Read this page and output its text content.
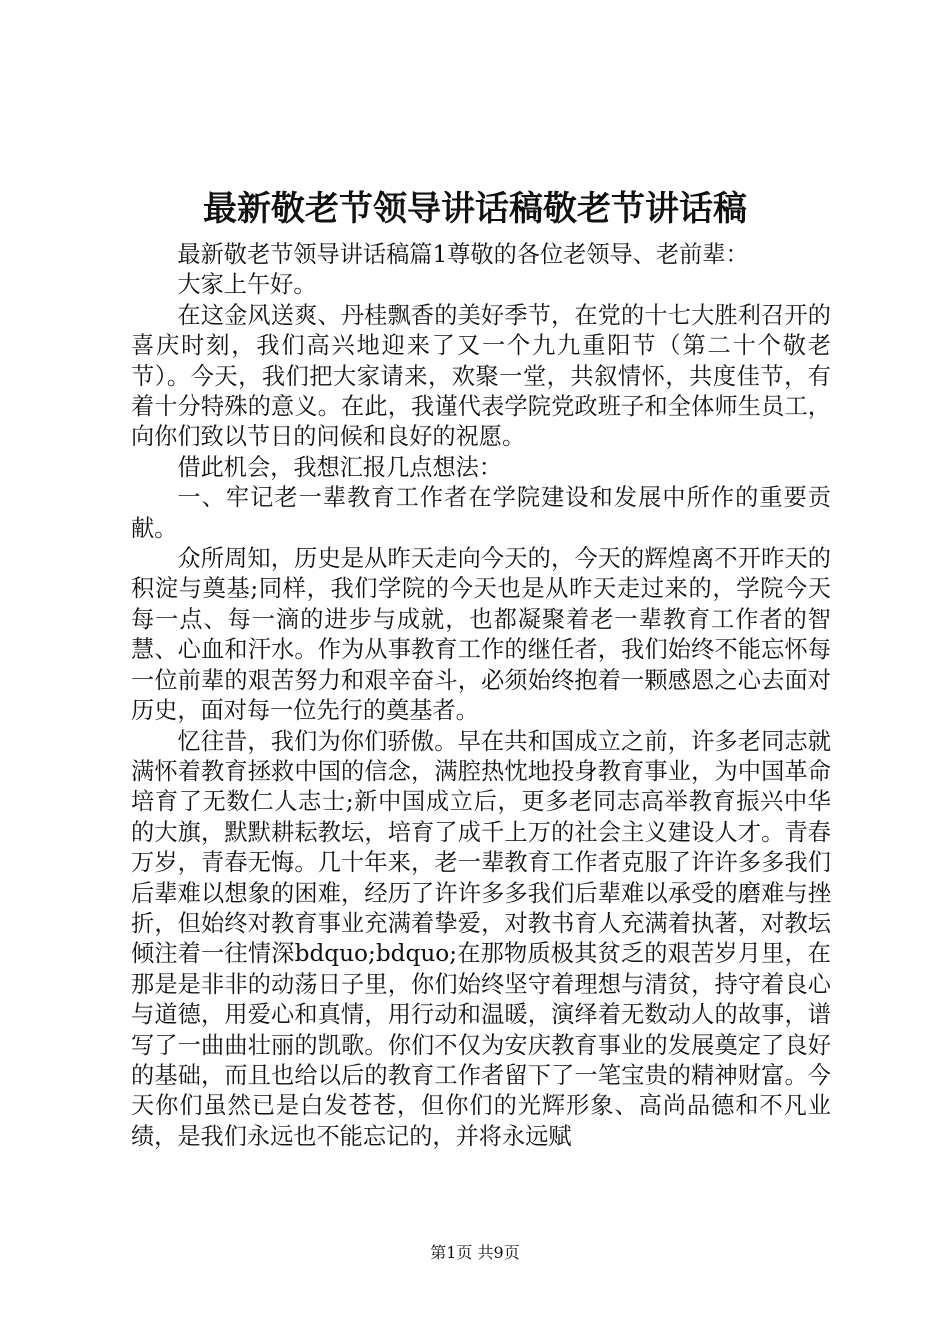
最新敬老节领导讲话稿敬老节讲话稿

最新敬老节领导讲话稿篇1尊敬的各位老领导、老前辈：

大家上午好。

在这金风送爽、丹桂飘香的美好季节，在党的十七大胜利召开的喜庆时刻，我们高兴地迎来了又一个九九重阳节（第二十个敬老节）。今天，我们把大家请来，欢聚一堂，共叙情怀，共度佳节，有着十分特殊的意义。在此，我谨代表学院党政班子和全体师生员工，向你们致以节日的问候和良好的祝愿。

借此机会，我想汇报几点想法：

一、牢记老一辈教育工作者在学院建设和发展中所作的重要贡献。

众所周知，历史是从昨天走向今天的，今天的辉煌离不开昨天的积淀与奠基;同样，我们学院的今天也是从昨天走过来的，学院今天每一点、每一滴的进步与成就，也都凝聚着老一辈教育工作者的智慧、心血和汗水。作为从事教育工作的继任者，我们始终不能忘怀每一位前辈的艰苦努力和艰辛奋斗，必须始终抱着一颗感恩之心去面对历史，面对每一位先行的奠基者。

忆往昔，我们为你们骄傲。早在共和国成立之前，许多老同志就满怀着教育拯救中国的信念，满腔热忱地投身教育事业，为中国革命培育了无数仁人志士;新中国成立后，更多老同志高举教育振兴中华的大旗，默默耕耘教坛，培育了成千上万的社会主义建设人才。青春万岁，青春无悔。几十年来，老一辈教育工作者克服了许许多多我们后辈难以想象的困难，经历了许许多多我们后辈难以承受的磨难与挫折，但始终对教育事业充满着挚爱，对教书育人充满着执著，对教坛倾注着一往情深bdquo;bdquo;在那物质极其贫乏的艰苦岁月里，在那是是非非的动荡日子里，你们始终坚守着理想与清贫，持守着良心与道德，用爱心和真情，用行动和温暖，演绎着无数动人的故事，谱写了一曲曲壮丽的凯歌。你们不仅为安庆教育事业的发展奠定了良好的基础，而且也给以后的教育工作者留下了一笔宝贵的精神财富。今天你们虽然已是白发苍苍，但你们的光辉形象、高尚品德和不凡业绩，是我们永远也不能忘记的，并将永远赋

第1页 共9页
